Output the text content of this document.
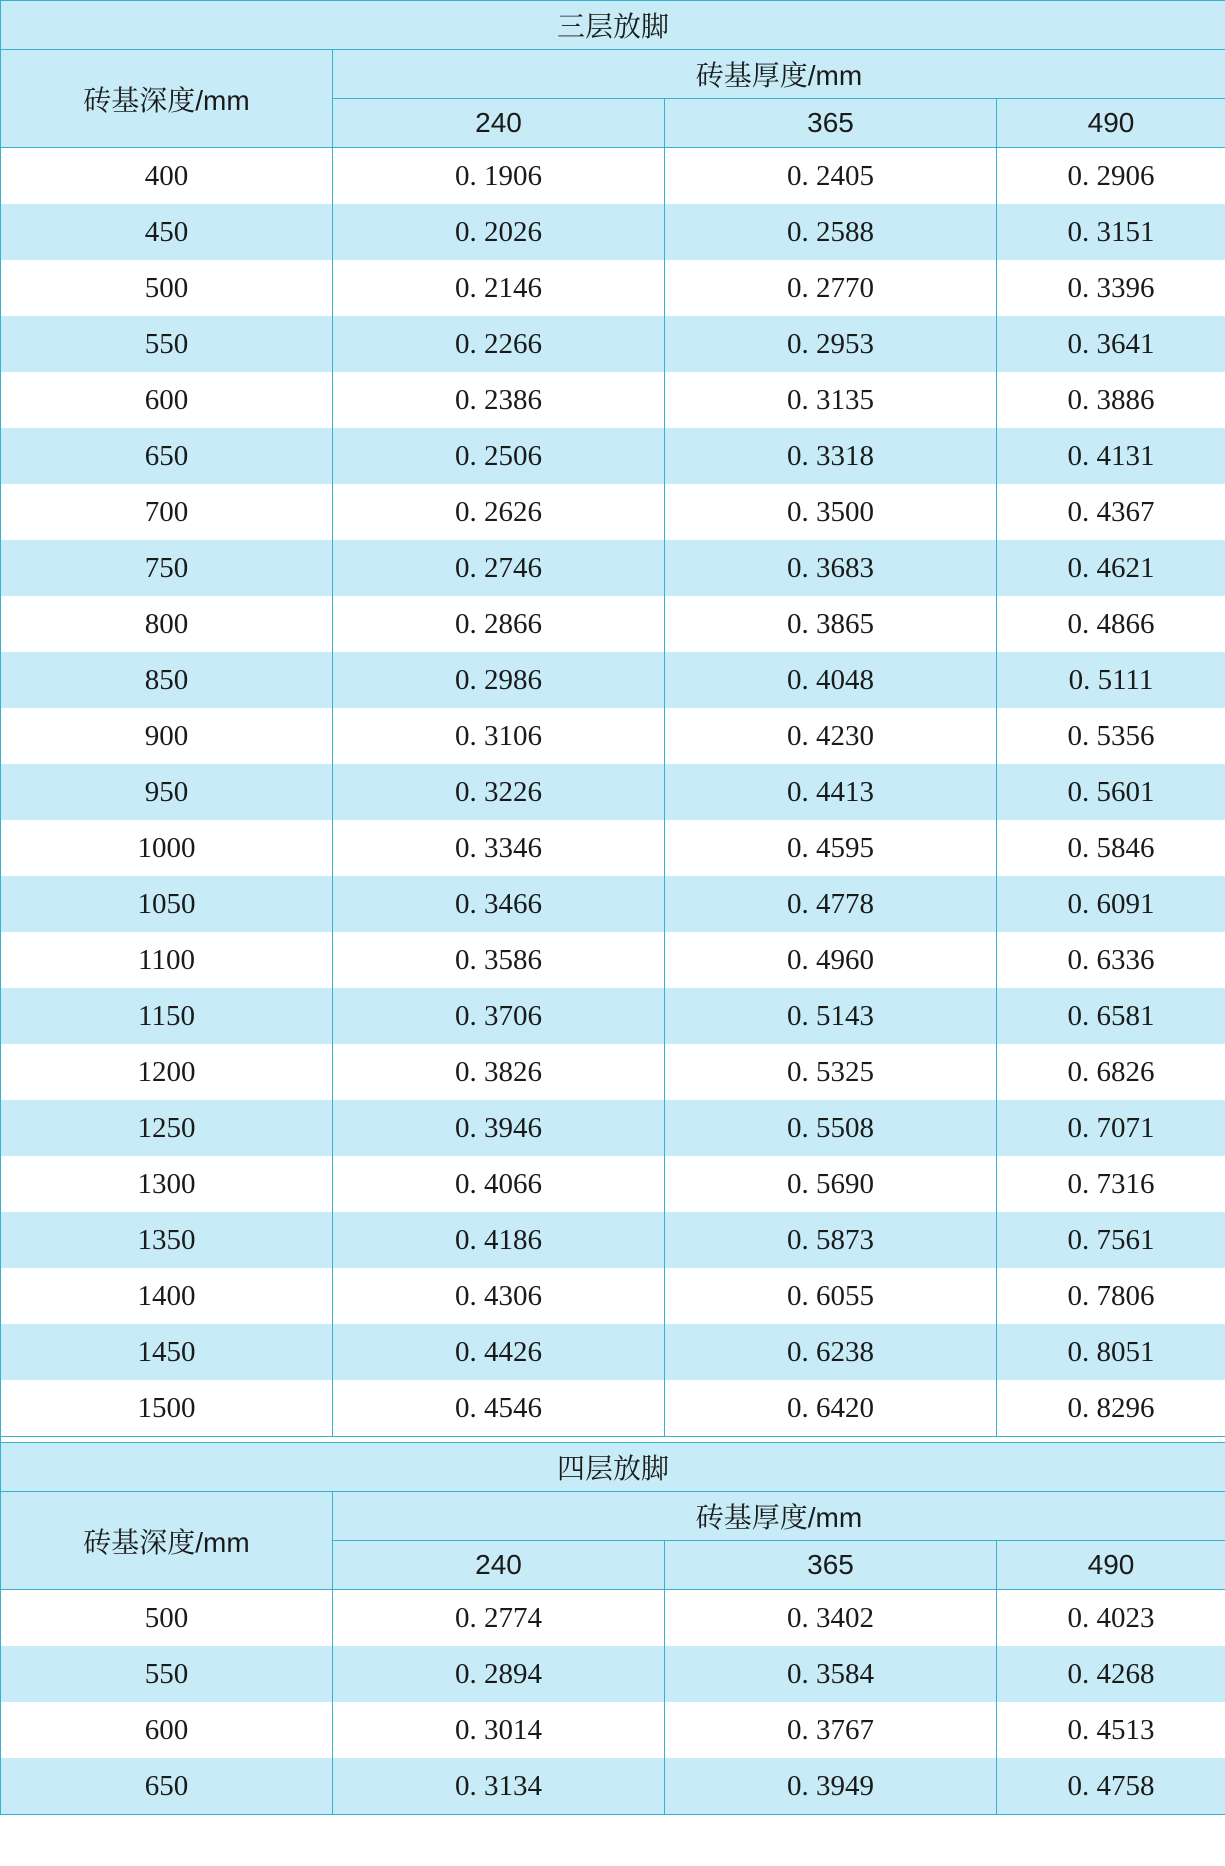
三层放脚			
砖基深度/mm	砖基厚度/mm		
	240	365	490
400	0. 1906	0. 2405	0. 2906
450	0. 2026	0. 2588	0. 3151
500	0. 2146	0. 2770	0. 3396
550	0. 2266	0. 2953	0. 3641
600	0. 2386	0. 3135	0. 3886
650	0. 2506	0. 3318	0. 4131
700	0. 2626	0. 3500	0. 4367
750	0. 2746	0. 3683	0. 4621
800	0. 2866	0. 3865	0. 4866
850	0. 2986	0. 4048	0. 5111
900	0. 3106	0. 4230	0. 5356
950	0. 3226	0. 4413	0. 5601
1000	0. 3346	0. 4595	0. 5846
1050	0. 3466	0. 4778	0. 6091
1100	0. 3586	0. 4960	0. 6336
1150	0. 3706	0. 5143	0. 6581
1200	0. 3826	0. 5325	0. 6826
1250	0. 3946	0. 5508	0. 7071
1300	0. 4066	0. 5690	0. 7316
1350	0. 4186	0. 5873	0. 7561
1400	0. 4306	0. 6055	0. 7806
1450	0. 4426	0. 6238	0. 8051
1500	0. 4546	0. 6420	0. 8296

四层放脚			
砖基深度/mm	砖基厚度/mm		
	240	365	490
500	0. 2774	0. 3402	0. 4023
550	0. 2894	0. 3584	0. 4268
600	0. 3014	0. 3767	0. 4513
650	0. 3134	0. 3949	0. 4758
